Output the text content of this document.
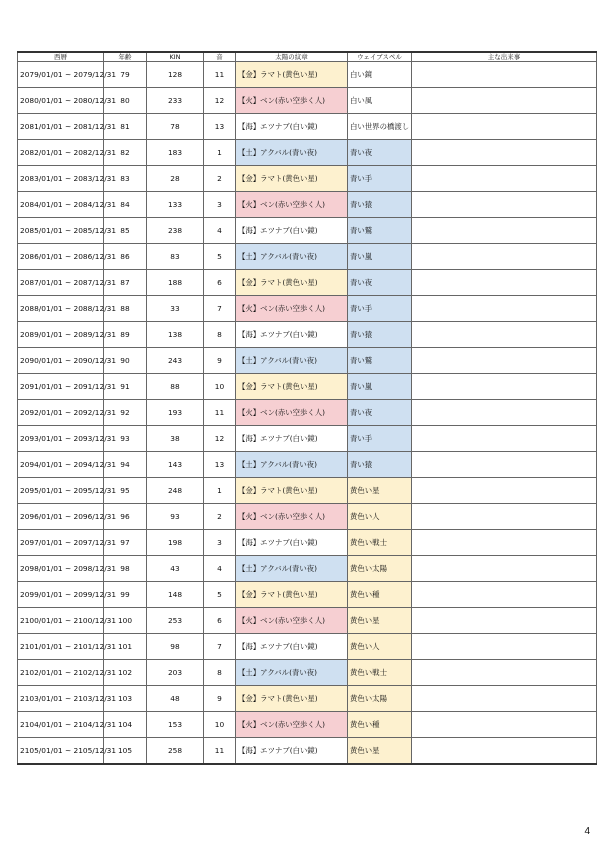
西暦	年齢	KIN	音	太陽の紋章	ウェイブスペル	主な出来事
2079/01/01 ~ 2079/12/31	79	128	11	【金】ラマト(黄色い星)	白い鏡	
2080/01/01 ~ 2080/12/31	80	233	12	【火】ベン(赤い空歩く人)	白い風	
2081/01/01 ~ 2081/12/31	81	78	13	【海】エツナブ(白い鏡)	白い世界の橋渡し	
2082/01/01 ~ 2082/12/31	82	183	1	【土】アクバル(青い夜)	青い夜	
2083/01/01 ~ 2083/12/31	83	28	2	【金】ラマト(黄色い星)	青い手	
2084/01/01 ~ 2084/12/31	84	133	3	【火】ベン(赤い空歩く人)	青い猿	
2085/01/01 ~ 2085/12/31	85	238	4	【海】エツナブ(白い鏡)	青い鷲	
2086/01/01 ~ 2086/12/31	86	83	5	【土】アクバル(青い夜)	青い嵐	
2087/01/01 ~ 2087/12/31	87	188	6	【金】ラマト(黄色い星)	青い夜	
2088/01/01 ~ 2088/12/31	88	33	7	【火】ベン(赤い空歩く人)	青い手	
2089/01/01 ~ 2089/12/31	89	138	8	【海】エツナブ(白い鏡)	青い猿	
2090/01/01 ~ 2090/12/31	90	243	9	【土】アクバル(青い夜)	青い鷲	
2091/01/01 ~ 2091/12/31	91	88	10	【金】ラマト(黄色い星)	青い嵐	
2092/01/01 ~ 2092/12/31	92	193	11	【火】ベン(赤い空歩く人)	青い夜	
2093/01/01 ~ 2093/12/31	93	38	12	【海】エツナブ(白い鏡)	青い手	
2094/01/01 ~ 2094/12/31	94	143	13	【土】アクバル(青い夜)	青い猿	
2095/01/01 ~ 2095/12/31	95	248	1	【金】ラマト(黄色い星)	黄色い星	
2096/01/01 ~ 2096/12/31	96	93	2	【火】ベン(赤い空歩く人)	黄色い人	
2097/01/01 ~ 2097/12/31	97	198	3	【海】エツナブ(白い鏡)	黄色い戦士	
2098/01/01 ~ 2098/12/31	98	43	4	【土】アクバル(青い夜)	黄色い太陽	
2099/01/01 ~ 2099/12/31	99	148	5	【金】ラマト(黄色い星)	黄色い種	
2100/01/01 ~ 2100/12/31	100	253	6	【火】ベン(赤い空歩く人)	黄色い星	
2101/01/01 ~ 2101/12/31	101	98	7	【海】エツナブ(白い鏡)	黄色い人	
2102/01/01 ~ 2102/12/31	102	203	8	【土】アクバル(青い夜)	黄色い戦士	
2103/01/01 ~ 2103/12/31	103	48	9	【金】ラマト(黄色い星)	黄色い太陽	
2104/01/01 ~ 2104/12/31	104	153	10	【火】ベン(赤い空歩く人)	黄色い種	
2105/01/01 ~ 2105/12/31	105	258	11	【海】エツナブ(白い鏡)	黄色い星	
4
